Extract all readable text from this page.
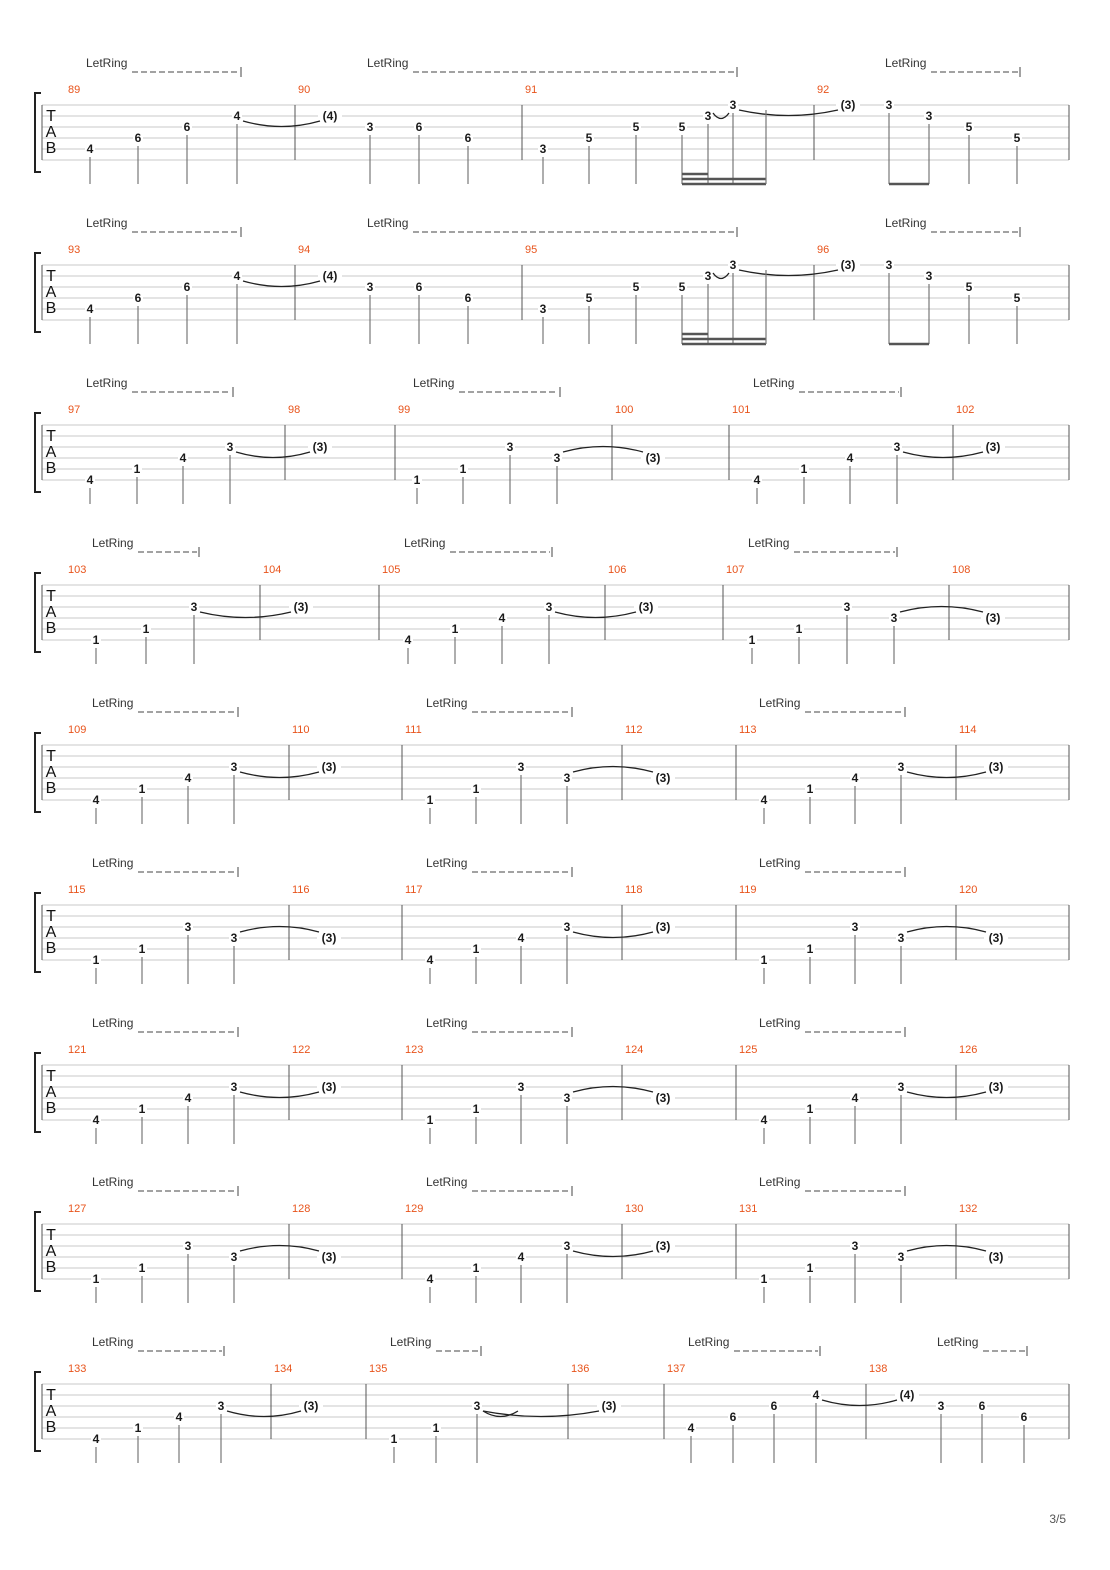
3/5
T
A
B
LetRing	LetRing	LetRing
89
4
6
6
4
90
(4)
3	6
6
91
3
5
5	5
3
3
92
(3)	3
3
5
5
T
A
B
LetRing	LetRing	LetRing
93
4
6
6
4
94
(4)
3	6
6
95
3
5
5	5
3
3
96
(3)	3
3
5
5
T
A
B
LetRing	LetRing	LetRing
97
4
1
4
3
98
(3)
99
1
1
3
3
100
(3)
101
4
1
4
3
102
(3)
T
A
B
LetRing	LetRing	LetRing
103
1
1
3
104
(3)
105
4
1
4
3
106
(3)
107
1
1
3
3
108
(3)
T
A
B
LetRing	LetRing	LetRing
109
4
1
4
3
110
(3)
111
1
1
3
3
112
(3)
113
4
1
4
3
114
(3)
T
A
B
LetRing	LetRing	LetRing
115
1
1
3
3
116
(3)
117
4
1
4
3
118
(3)
119
1
1
3
3
120
(3)
T
A
B
LetRing	LetRing	LetRing
121
4
1
4
3
122
(3)
123
1
1
3
3
124
(3)
125
4
1
4
3
126
(3)
T
A
B
LetRing	LetRing	LetRing
127
1
1
3
3
128
(3)
129
4
1
4
3
130
(3)
131
1
1
3
3
132
(3)
T
A
B
LetRing	LetRing	LetRing	LetRing
133
4
1
4
3
134
(3)
135
1
1
3
136
(3)
137
4
6
6
4
138
(4)
3	6
6
